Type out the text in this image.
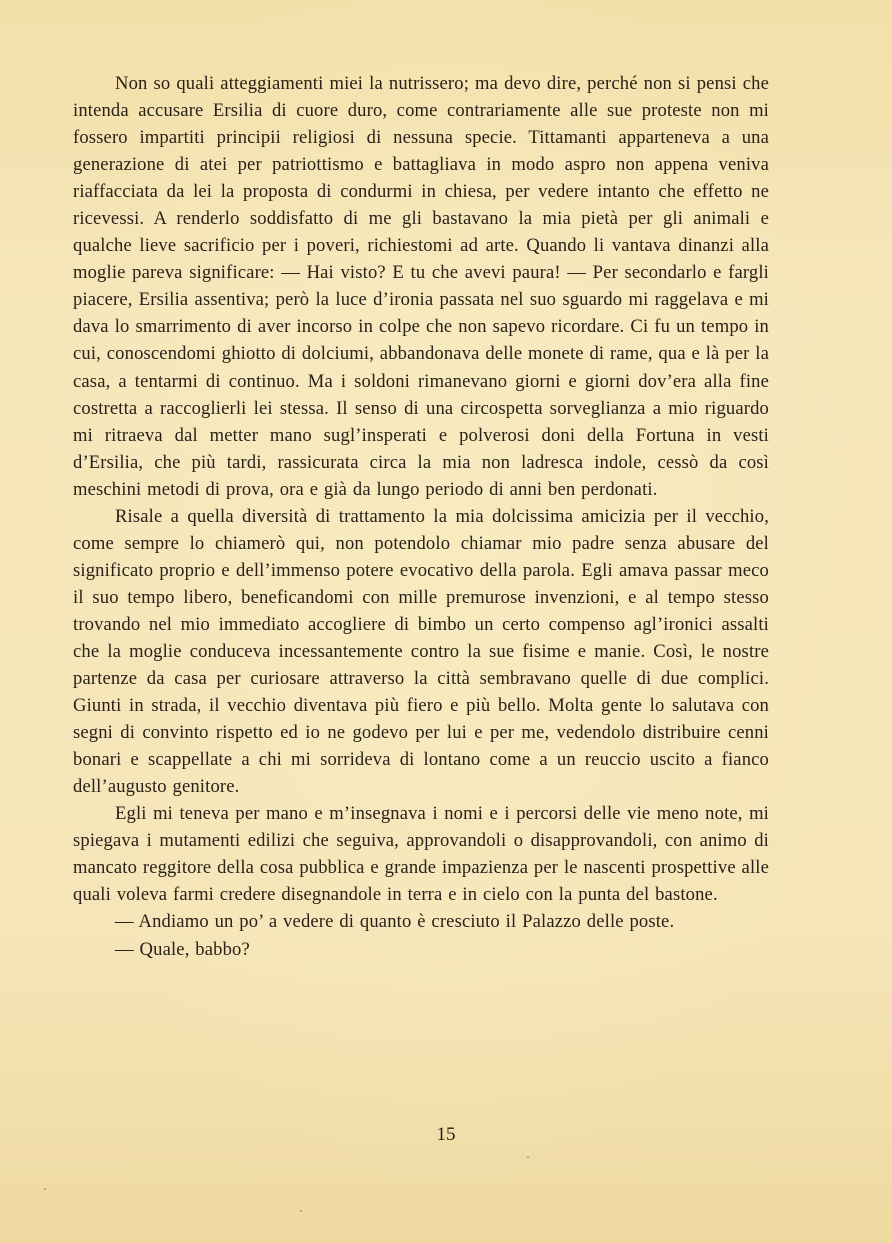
Non so quali atteggiamenti miei la nutrissero; ma devo dire, perché non si pensi che intenda accusare Ersilia di cuore duro, come contrariamente alle sue proteste non mi fossero impartiti principii religiosi di nessuna specie. Tittamanti apparteneva a una generazione di atei per patriottismo e battagliava in modo aspro non appena veniva riaffacciata da lei la proposta di condurmi in chiesa, per vedere intanto che effetto ne ricevessi. A renderlo soddisfatto di me gli bastavano la mia pietà per gli animali e qualche lieve sacrificio per i poveri, richiestomi ad arte. Quando li vantava dinanzi alla moglie pareva significare: — Hai visto? E tu che avevi paura! — Per secondarlo e fargli piacere, Ersilia assentiva; però la luce d’ironia passata nel suo sguardo mi raggelava e mi dava lo smarrimento di aver incorso in colpe che non sapevo ricordare. Ci fu un tempo in cui, conoscendomi ghiotto di dolciumi, abbandonava delle monete di rame, qua e là per la casa, a tentarmi di continuo. Ma i soldoni rimanevano giorni e giorni dov’era alla fine costretta a raccoglierli lei stessa. Il senso di una circospetta sorveglianza a mio riguardo mi ritraeva dal metter mano sugl’insperati e polverosi doni della Fortuna in vesti d’Ersilia, che più tardi, rassicurata circa la mia non ladresca indole, cessò da così meschini metodi di prova, ora e già da lungo periodo di anni ben perdonati.

Risale a quella diversità di trattamento la mia dolcissima amicizia per il vecchio, come sempre lo chiamerò qui, non potendolo chiamar mio padre senza abusare del significato proprio e dell’immenso potere evocativo della parola. Egli amava passar meco il suo tempo libero, beneficandomi con mille premurose invenzioni, e al tempo stesso trovando nel mio immediato accogliere di bimbo un certo compenso agl’ironici assalti che la moglie conduceva incessantemente contro la sue fisime e manie. Così, le nostre partenze da casa per curiosare attraverso la città sembravano quelle di due complici. Giunti in strada, il vecchio diventava più fiero e più bello. Molta gente lo salutava con segni di convinto rispetto ed io ne godevo per lui e per me, vedendolo distribuire cenni bonari e scappellate a chi mi sorrideva di lontano come a un reuccio uscito a fianco dell’augusto genitore.

Egli mi teneva per mano e m’insegnava i nomi e i percorsi delle vie meno note, mi spiegava i mutamenti edilizi che seguiva, approvandoli o disapprovandoli, con animo di mancato reggitore della cosa pubblica e grande impazienza per le nascenti prospettive alle quali voleva farmi credere disegnandole in terra e in cielo con la punta del bastone.

— Andiamo un po’ a vedere di quanto è cresciuto il Palazzo delle poste.

— Quale, babbo?

15
